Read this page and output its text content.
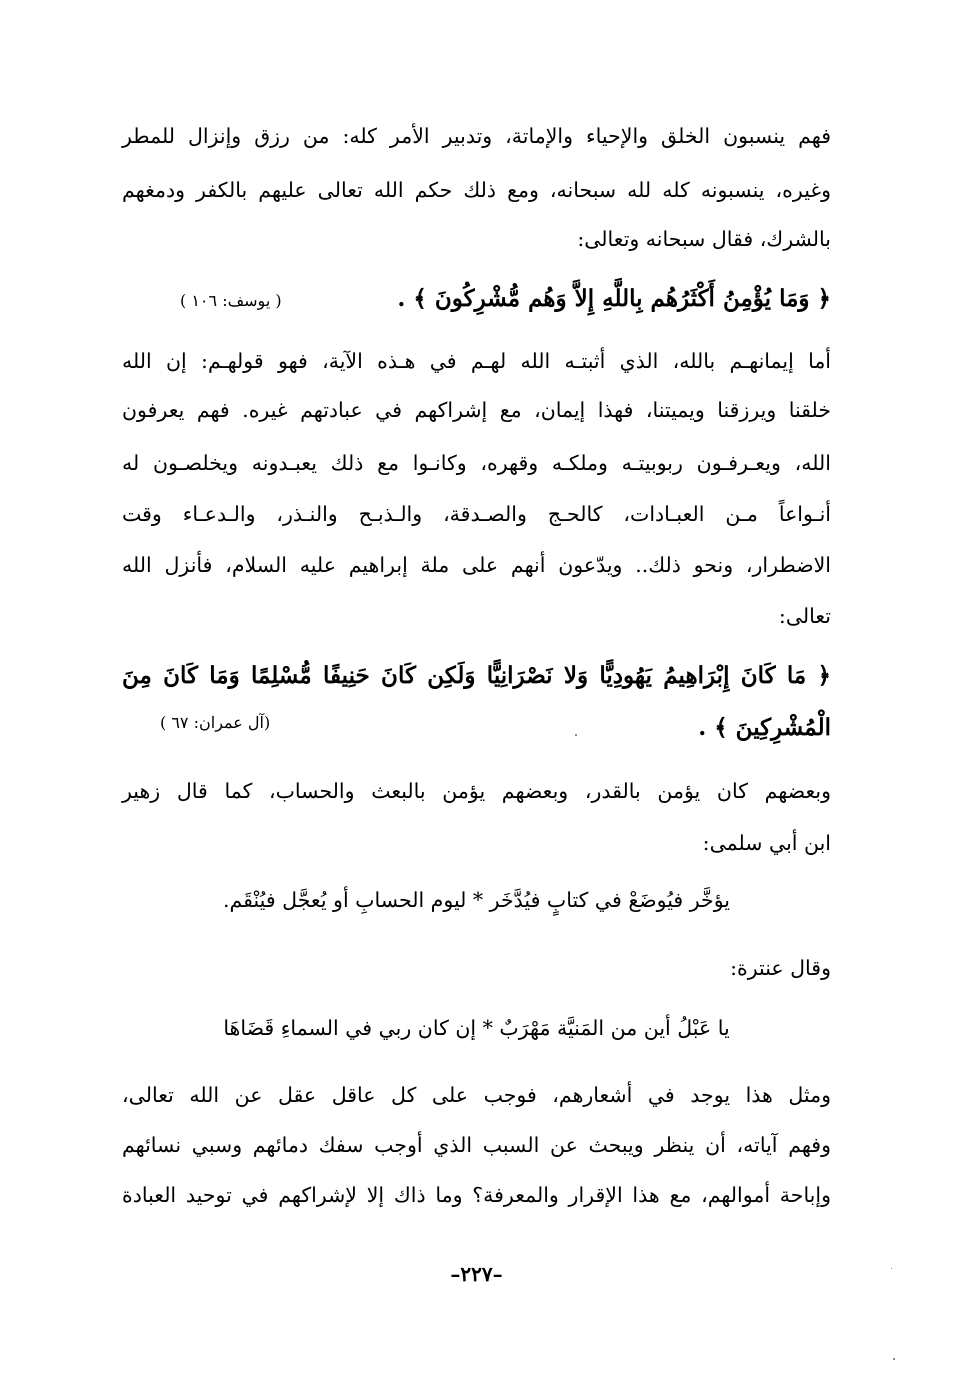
فهم ينسبون الخلق والإحياء والإماتة، وتدبير الأمر كله: من رزق وإنزال للمطر
وغيره، ينسبونه كله لله سبحانه، ومع ذلك حكم الله تعالى عليهم بالكفر ودمغهم
بالشرك، فقال سبحانه وتعالى:
﴿ وَمَا يُؤْمِنُ أَكْثَرُهُم بِاللَّهِ إِلاَّ وَهُم مُّشْرِكُونَ ﴾ .
( يوسف: ١٠٦ )
أما إيمانهـم بالله، الذي أثبتـه الله لهـم في هـذه الآية، فهو قولهـم: إن الله
خلقنا ويرزقنا ويميتنا، فهذا إيمان، مع إشراكهم في عبادتهم غيره. فهم يعرفون
الله، ويعـرفـون ربوبيتـه وملكـه وقهره، وكانـوا مع ذلك يعبـدونه ويخلصـون له
أنـواعاً مـن العبـادات، كالحـج والصـدقة، والـذبـح والنـذر، والـدعـاء وقت
الاضطرار، ونحو ذلك.. ويدّعون أنهم على ملة إبراهيم عليه السلام، فأنزل الله
تعالى:
﴿ مَا كَانَ إِبْرَاهِيمُ يَهُودِيًّا وَلا نَصْرَانِيًّا وَلَكِن كَانَ حَنِيفًا مُّسْلِمًا وَمَا كَانَ مِنَ
الْمُشْرِكِينَ ﴾ .
(آل عمران: ٦٧ )
وبعضهم كان يؤمن بالقدر، وبعضهم يؤمن بالبعث والحساب، كما قال زهير
ابن أبي سلمى:
يؤخَّر فيُوضَعْ في كتابٍ فيُدَّخَر * ليوم الحسابِ أو يُعجَّل فيُنْقَم.
وقال عنترة:
يا عَبْلُ أين من المَنيَّة مَهْرَبٌ * إن كان ربي في السماءِ قَضَاهَا
ومثل هذا يوجد في أشعارهم، فوجب على كل عاقل عقل عن الله تعالى،
وفهم آياته، أن ينظر ويبحث عن السبب الذي أوجب سفك دمائهم وسبي نسائهم
وإباحة أموالهم، مع هذا الإقرار والمعرفة؟ وما ذاك إلا لإشراكهم في توحيد العبادة
–٢٢٧–
